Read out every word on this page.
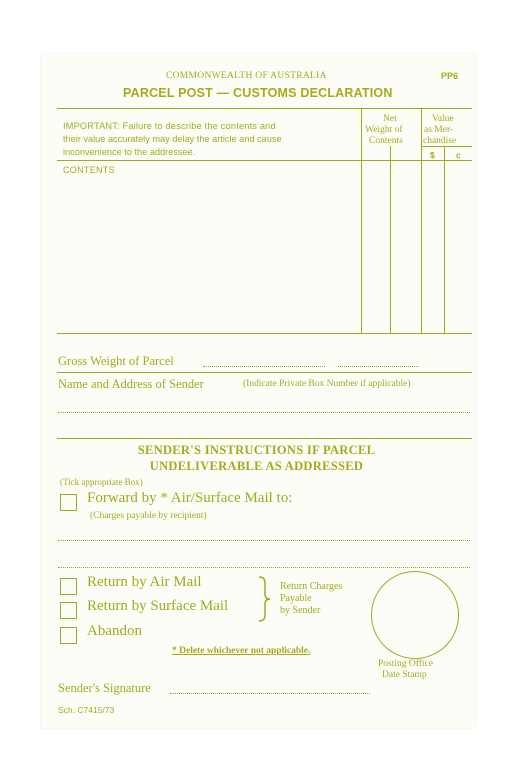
COMMONWEALTH OF AUSTRALIA	PP6
PARCEL POST — CUSTOMS DECLARATION
IMPORTANT: Failure to describe the contents and
their value accurately may delay the article and cause
inconvenience to the addressee.
Net
Weight of
Contents
Value
as Mer-
chandise
$	c
CONTENTS
Gross Weight of Parcel
Name and Address of Sender	(Indicate Private Box Number if applicable)
SENDER'S INSTRUCTIONS IF PARCEL
UNDELIVERABLE AS ADDRESSED
(Tick appropriate Box)
Forward by * Air/Surface Mail to:
(Charges payable by recipient)
Return by Air Mail
Return by Surface Mail
Abandon
Return Charges
Payable
by Sender
* Delete whichever not applicable.
Posting Office
Date Stamp
Sender's Signature
Sch. C7415/73
